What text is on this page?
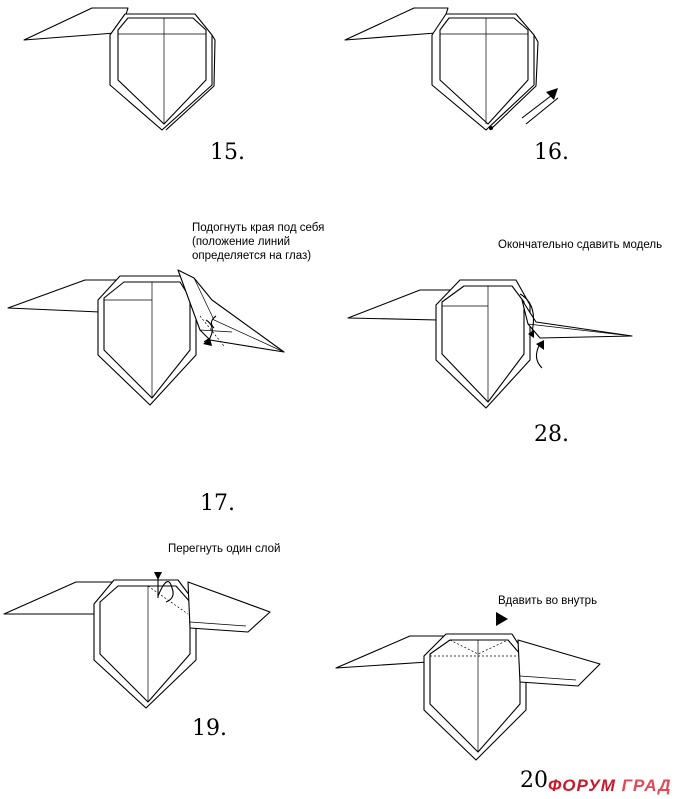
15.	16.
17.
28.
19.
20
Подогнуть края под себя
(положение линий
определяется на глаз)
Окончательно сдавить модель
Перегнуть один слой
Вдавить во внутрь
ФОРУМ ГРАД
